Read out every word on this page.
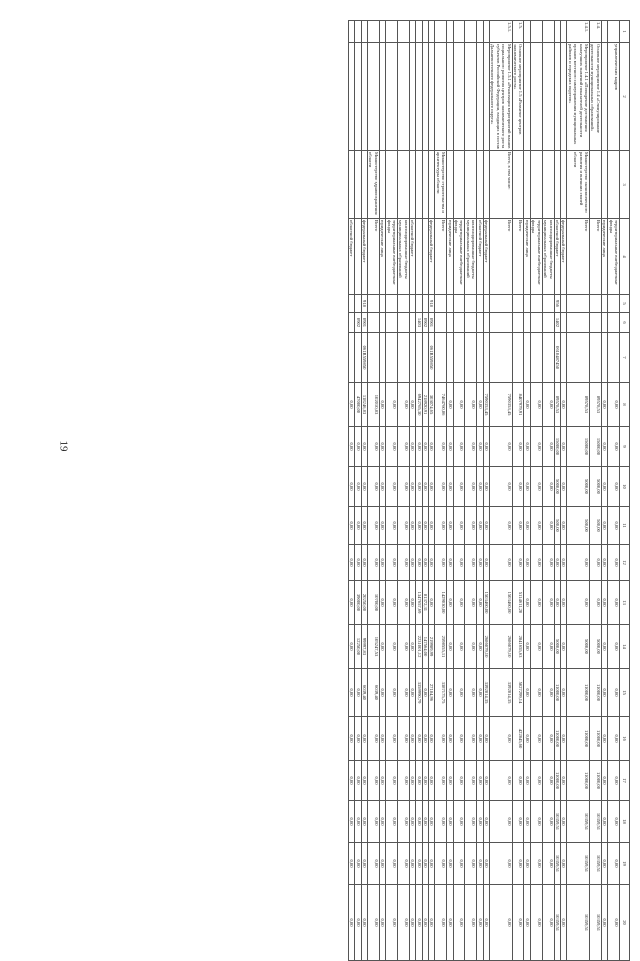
19
1	2	3	4	5	6	7	8	9	10	11	12	13	14	15	16	17	18	19	20
	управленческих кадров		территориальные внебюджетные фонды				0,00	0,00	0,00	0,00	0,00	0,00	0,00	0,00	0,00	0,00	0,00	0,00	0,00
			юридические лица				0,00	0,00	0,00	0,00	0,00	0,00	0,00	0,00	0,00	0,00	0,00	0,00	0,00
1.4.	Основное мероприятие 1.4 «Стимулирование деятельности муниципальных образований»		Всего				89578,53	15000,00	5000,00	500,00	0,00	0,00	5000,00	11000,00	11000,00	11000,00	10359,51	10359,51	10359,51
1.4.1.	Мероприятие 1.4.1 «Поощрение достижения наилучших значений показателей деятельности органов местного самоуправления муниципальных районов и городских округов»	Министерство экономического развития и внешних связей области	Всего				89578,53	15000,00	5000,00	500,00	0,00	0,00	5000,00	11000,00	11000,00	11000,00	10359,51	10359,51	10359,51
			федеральный бюджет				0,00	0,00	0,00	0,00	0,00	0,00	0,00	0,00	0,00	0,00	0,00	0,00	0,00
			областной бюджет	956	1402	0610487450	89578,53	15000,00	5000,00	500,00	0,00	0,00	5000,00	11000,00	11000,00	11000,00	10359,51	10359,51	10359,51
			консолидированные бюджеты муниципальных образований				0,00	0,00	0,00	0,00	0,00	0,00	0,00	0,00	0,00	0,00	0,00	0,00	0,00
			территориальные внебюджетные фонды				0,00	0,00	0,00	0,00	0,00	0,00	0,00	0,00	0,00	0,00	0,00	0,00	0,00
			юридические лица				0,00	0,00	0,00	0,00	0,00	0,00	0,00	0,00	0,00	0,00	0,00	0,00	0,00
1.5.	Основное мероприятие 1.5 «Развитие центров экономического роста»		Всего				8407979,91	0,00	0,00	0,00	0,00	5114611,20	2841655,63	5027299,14	422845,60	0,00	0,00	0,00	0,00
1.5.1.	Мероприятие 1.5.1 «Реализация мероприятий планов социального развития центров экономического роста субъектов Российской Федерации, входящих в состав Дальневосточного федерального округа»	Всего, в том числе:	Всего				7590353,45	0,00	0,00	0,00	0,00	1503460,00	2686079,10	3392814,35	0,00	0,00	0,00	0,00	0,00
			федеральный бюджет				7590353,45	0,00	0,00	0,00	0,00	1503460,00	2686079,10	3392814,35	0,00	0,00	0,00	0,00	0,00
			областной бюджет				0,00	0,00	0,00	0,00	0,00	0,00	0,00	0,00	0,00	0,00	0,00	0,00	0,00
			консолидированные бюджеты муниципальных образований				0,00	0,00	0,00	0,00	0,00	0,00	0,00	0,00	0,00	0,00	0,00	0,00	0,00
			территориальные внебюджетные фонды				0,00	0,00	0,00	0,00	0,00	0,00	0,00	0,00	0,00	0,00	0,00	0,00	0,00
			юридические лица				0,00	0,00	0,00	0,00	0,00	0,00	0,00	0,00	0,00	0,00	0,00	0,00	0,00
		Министерство строительства и архитектуры области	Всего				7464760,86	0,00	0,00	0,00	0,00	1429030,00	2598555,11	3387175,75	0,00	0,00	0,00	0,00	0,00
			федеральный бюджет	918	0901	061R559850	303074,65	0,00	0,00	0,00	0,00	0,00	219989,99	27184,96	0,00	0,00	0,00	0,00	0,00
					0902		218920,91	0,00	0,00	0,00	0,00	81372,31	147564,00	0,00	0,00	0,00	0,00	0,00	0,00
					1403		6942765,30	0,00	0,00	0,00	0,00	1347657,69	2231001,12	3359990,79	0,00	0,00	0,00	0,00	0,00
			областной бюджет				0,00	0,00	0,00	0,00	0,00	0,00	0,00	0,00	0,00	0,00	0,00	0,00	0,00
			консолидированные бюджеты муниципальных образований				0,00	0,00	0,00	0,00	0,00	0,00	0,00	0,00	0,00	0,00	0,00	0,00	0,00
			территориальные внебюджетные фонды				0,00	0,00	0,00	0,00	0,00	0,00	0,00	0,00	0,00	0,00	0,00	0,00	0,00
			юридические лица				0,00	0,00	0,00	0,00	0,00	0,00	0,00	0,00	0,00	0,00	0,00	0,00	0,00
		Министерство здравоохранения области	Всего				102010,83	0,00	0,00	0,00	0,00	10700,00	105247,53	6039,40	0,00	0,00	0,00	0,00	0,00
			федеральный бюджет	918	0901	061R559850	118246,83	0,00	0,00	0,00	0,00	20250,00	99997,83	6039,40	0,00	0,00	0,00	0,00	0,00
					0902		47000,00	0,00	0,00	0,00	0,00	39000,00	12250,00	0,00	0,00	0,00	0,00	0,00	0,00
			областной бюджет				0,00	0,00	0,00	0,00	0,00	0,00	0,00	0,00	0,00	0,00	0,00	0,00	0,00
